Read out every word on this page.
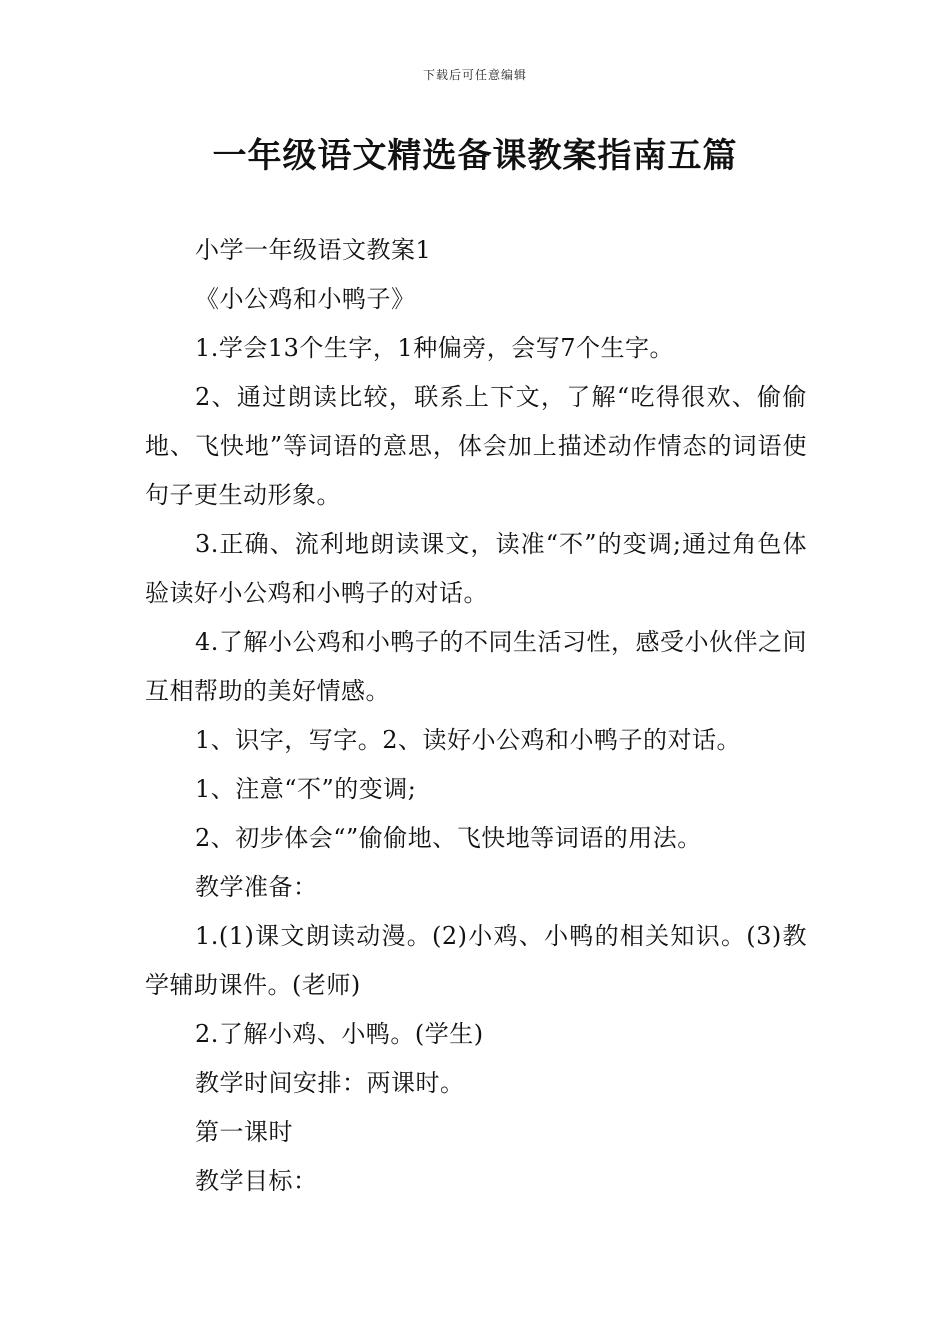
下载后可任意编辑
一年级语文精选备课教案指南五篇

小学一年级语文教案1

《小公鸡和小鸭子》

1.学会13个生字，1种偏旁，会写7个生字。

2、通过朗读比较，联系上下文，了解“吃得很欢、偷偷地、飞快地”等词语的意思，体会加上描述动作情态的词语使句子更生动形象。

3.正确、流利地朗读课文，读准“不”的变调;通过角色体验读好小公鸡和小鸭子的对话。

4.了解小公鸡和小鸭子的不同生活习性，感受小伙伴之间互相帮助的美好情感。

1、识字，写字。2、读好小公鸡和小鸭子的对话。

1、注意“不”的变调;

2、初步体会“”偷偷地、飞快地等词语的用法。

教学准备：

1.(1)课文朗读动漫。(2)小鸡、小鸭的相关知识。(3)教学辅助课件。(老师)

2.了解小鸡、小鸭。(学生)

教学时间安排：两课时。

第一课时

教学目标：
